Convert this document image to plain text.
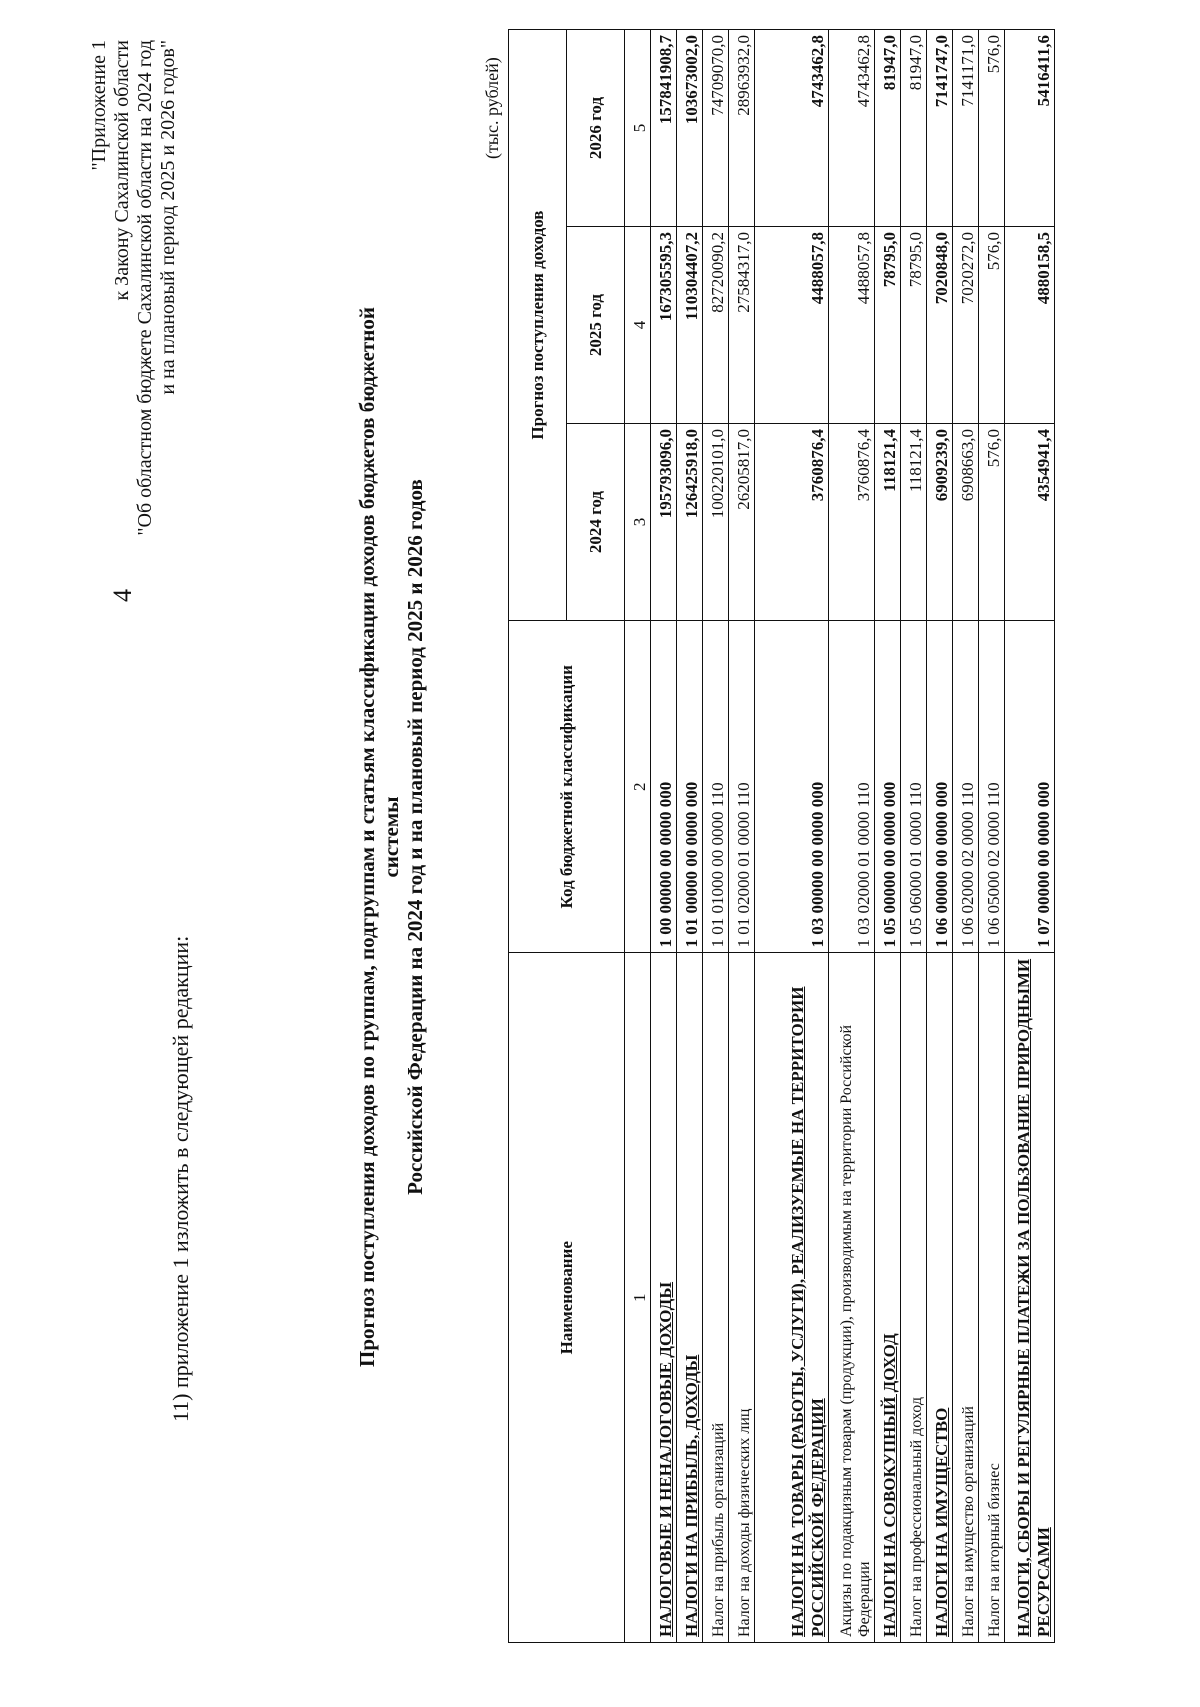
4
11) приложение 1 изложить в следующей редакции:
"Приложение 1 к Закону Сахалинской области "Об областном бюджете Сахалинской области на 2024 год и на плановый период 2025 и 2026 годов"
Прогноз поступления доходов по группам, подгруппам и статьям классификации доходов бюджетов бюджетной системы Российской Федерации на 2024 год и на плановый период 2025 и 2026 годов
(тыс. рублей)
Наименование	Код бюджетной классификации	Прогноз поступления доходов		
		2024 год	2025 год	2026 год
1	2	3	4	5
НАЛОГОВЫЕ И НЕНАЛОГОВЫЕ ДОХОДЫ	1 00 00000 00 0000 000	195793096,0	167305595,3	157841908,7
НАЛОГИ НА ПРИБЫЛЬ, ДОХОДЫ	1 01 00000 00 0000 000	126425918,0	110304407,2	103673002,0
Налог на прибыль организаций	1 01 01000 00 0000 110	100220101,0	82720090,2	74709070,0
Налог на доходы физических лиц	1 01 02000 01 0000 110	26205817,0	27584317,0	28963932,0
НАЛОГИ НА ТОВАРЫ (РАБОТЫ, УСЛУГИ), РЕАЛИЗУЕМЫЕ НА ТЕРРИТОРИИ РОССИЙСКОЙ ФЕДЕРАЦИИ	1 03 00000 00 0000 000	3760876,4	4488057,8	4743462,8
Акцизы по подакцизным товарам (продукции), производимым на территории Российской Федерации	1 03 02000 01 0000 110	3760876,4	4488057,8	4743462,8
НАЛОГИ НА СОВОКУПНЫЙ ДОХОД	1 05 00000 00 0000 000	118121,4	78795,0	81947,0
Налог на профессиональный доход	1 05 06000 01 0000 110	118121,4	78795,0	81947,0
НАЛОГИ НА ИМУЩЕСТВО	1 06 00000 00 0000 000	6909239,0	7020848,0	7141747,0
Налог на имущество организаций	1 06 02000 02 0000 110	6908663,0	7020272,0	7141171,0
Налог на игорный бизнес	1 06 05000 02 0000 110	576,0	576,0	576,0
НАЛОГИ, СБОРЫ И РЕГУЛЯРНЫЕ ПЛАТЕЖИ ЗА ПОЛЬЗОВАНИЕ ПРИРОДНЫМИ РЕСУРСАМИ	1 07 00000 00 0000 000	4354941,4	4880158,5	5416411,6
